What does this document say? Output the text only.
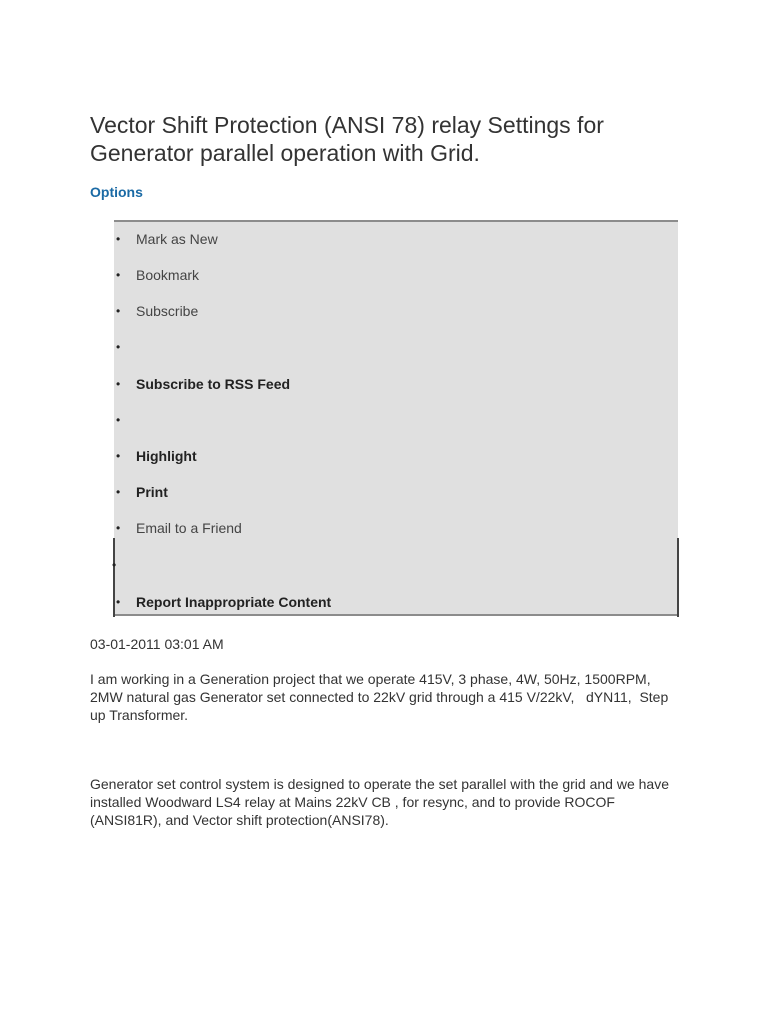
Vector Shift Protection (ANSI 78) relay Settings for Generator parallel operation with Grid.
Options
• Mark as New
• Bookmark
• Subscribe
•
• Subscribe to RSS Feed
•
• Highlight
• Print
• Email to a Friend
•
• Report Inappropriate Content
03-01-2011 03:01 AM

I am working in a Generation project that we operate 415V, 3 phase, 4W, 50Hz, 1500RPM, 2MW natural gas Generator set connected to 22kV grid through a 415 V/22kV,   dYN11,  Step up Transformer.

Generator set control system is designed to operate the set parallel with the grid and we have installed Woodward LS4 relay at Mains 22kV CB , for resync, and to provide ROCOF (ANSI81R), and Vector shift protection(ANSI78).
